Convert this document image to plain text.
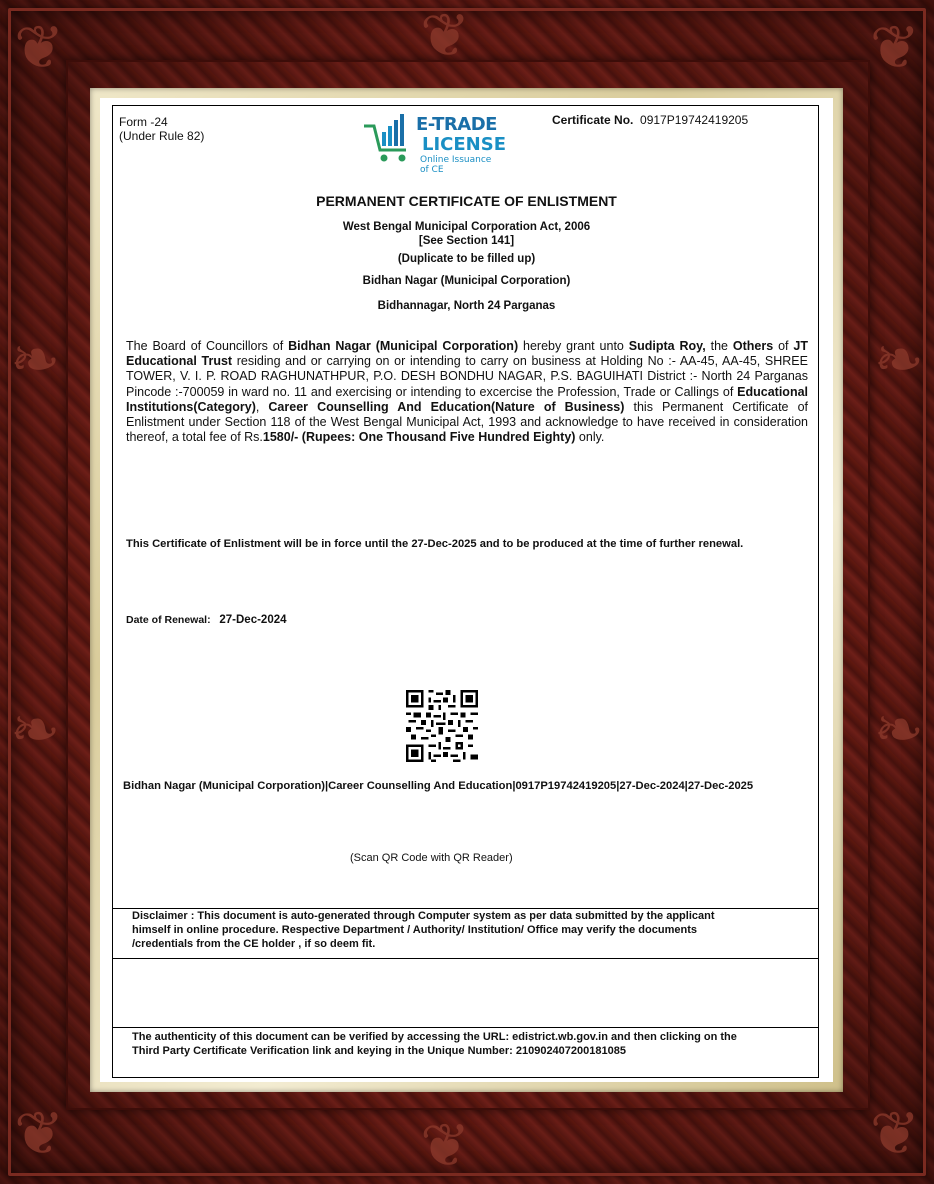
❦	❦
❦	❦
❧
❧
❧
❧
❦
❦
Form -24
(Under Rule 82)
E-TRADE
LICENSE
Online Issuance of CE
Certificate No. 0917P19742419205
PERMANENT CERTIFICATE OF ENLISTMENT
West Bengal Municipal Corporation Act, 2006
[See Section 141]
(Duplicate to be filled up)
Bidhan Nagar (Municipal Corporation)
Bidhannagar, North 24 Parganas
The Board of Councillors of Bidhan Nagar (Municipal Corporation) hereby grant unto Sudipta Roy, the Others of JT Educational Trust residing and or carrying on or intending to carry on business at Holding No :- AA-45, AA-45, SHREE TOWER, V. I. P. ROAD RAGHUNATHPUR, P.O. DESH BONDHU NAGAR, P.S. BAGUIHATI District :- North 24 Parganas Pincode :-700059 in ward no. 11 and exercising or intending to excercise the Profession, Trade or Callings of Educational Institutions(Category), Career Counselling And Education(Nature of Business) this Permanent Certificate of Enlistment under Section 118 of the West Bengal Municipal Act, 1993 and acknowledge to have received in consideration thereof, a total fee of Rs.1580/- (Rupees: One Thousand Five Hundred Eighty) only.
This Certificate of Enlistment will be in force until the 27-Dec-2025 and to be produced at the time of further renewal.
Date of Renewal: 27-Dec-2024
Bidhan Nagar (Municipal Corporation)|Career Counselling And Education|0917P19742419205|27-Dec-2024|27-Dec-2025
(Scan QR Code with QR Reader)
Disclaimer : This document is auto-generated through Computer system as per data submitted by the applicant
himself in online procedure. Respective Department / Authority/ Institution/ Office may verify the documents
/credentials from the CE holder , if so deem fit.
The authenticity of this document can be verified by accessing the URL: edistrict.wb.gov.in and then clicking on the
Third Party Certificate Verification link and keying in the Unique Number: 210902407200181085
